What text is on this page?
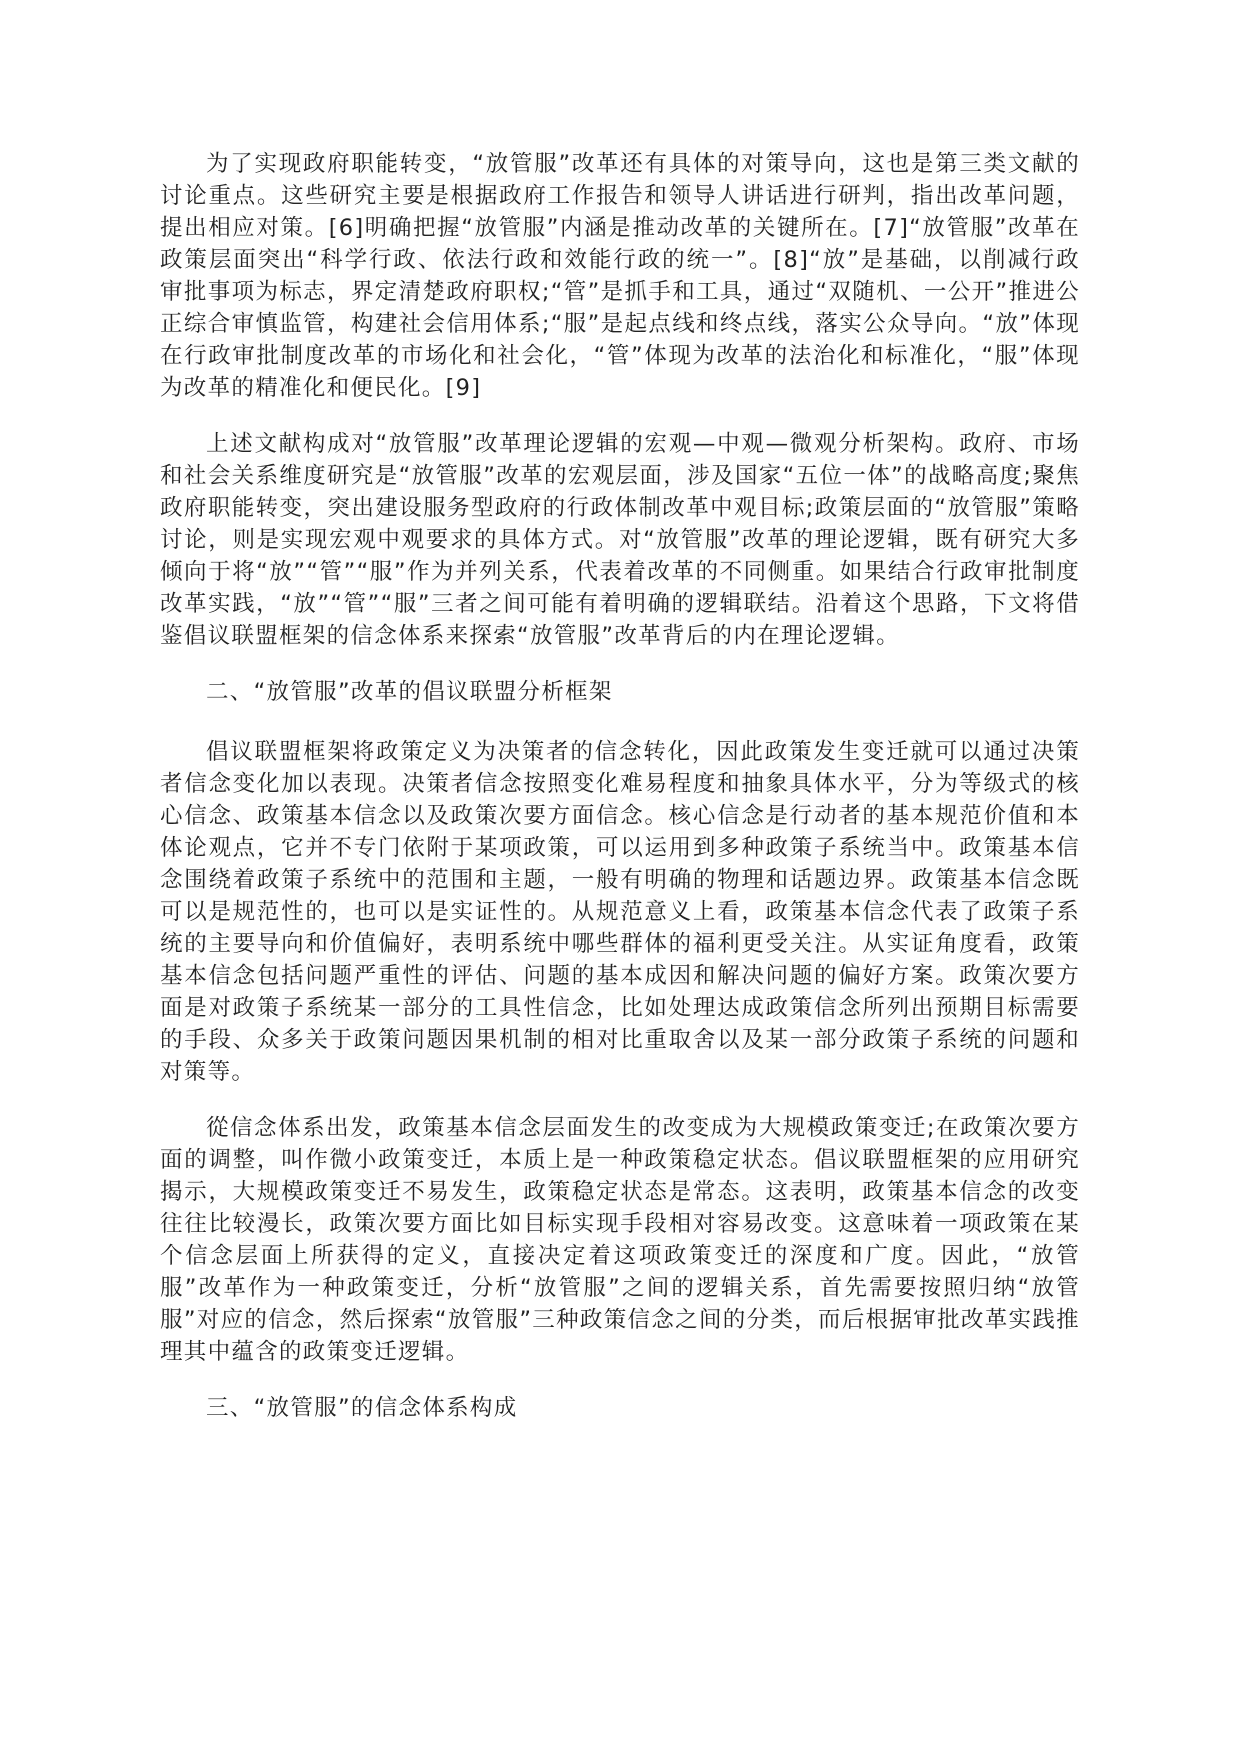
为了实现政府职能转变，“放管服”改革还有具体的对策导向，这也是第三类文献的讨论重点。这些研究主要是根据政府工作报告和领导人讲话进行研判，指出改革问题，提出相应对策。[6]明确把握“放管服”内涵是推动改革的关键所在。[7]“放管服”改革在政策层面突出“科学行政、依法行政和效能行政的统一”。[8]“放”是基础，以削减行政审批事项为标志，界定清楚政府职权;“管”是抓手和工具，通过“双随机、一公开”推进公正综合审慎监管，构建社会信用体系;“服”是起点线和终点线，落实公众导向。“放”体现在行政审批制度改革的市场化和社会化，“管”体现为改革的法治化和标准化，“服”体现为改革的精准化和便民化。[9]

上述文献构成对“放管服”改革理论逻辑的宏观—中观—微观分析架构。政府、市场和社会关系维度研究是“放管服”改革的宏观层面，涉及国家“五位一体”的战略高度;聚焦政府职能转变，突出建设服务型政府的行政体制改革中观目标;政策层面的“放管服”策略讨论，则是实现宏观中观要求的具体方式。对“放管服”改革的理论逻辑，既有研究大多倾向于将“放”“管”“服”作为并列关系，代表着改革的不同侧重。如果结合行政审批制度改革实践，“放”“管”“服”三者之间可能有着明确的逻辑联结。沿着这个思路，下文将借鉴倡议联盟框架的信念体系来探索“放管服”改革背后的内在理论逻辑。

二、“放管服”改革的倡议联盟分析框架

倡议联盟框架将政策定义为决策者的信念转化，因此政策发生变迁就可以通过决策者信念变化加以表现。决策者信念按照变化难易程度和抽象具体水平，分为等级式的核心信念、政策基本信念以及政策次要方面信念。核心信念是行动者的基本规范价值和本体论观点，它并不专门依附于某项政策，可以运用到多种政策子系统当中。政策基本信念围绕着政策子系统中的范围和主题，一般有明确的物理和话题边界。政策基本信念既可以是规范性的，也可以是实证性的。从规范意义上看，政策基本信念代表了政策子系统的主要导向和价值偏好，表明系统中哪些群体的福利更受关注。从实证角度看，政策基本信念包括问题严重性的评估、问题的基本成因和解决问题的偏好方案。政策次要方面是对政策子系统某一部分的工具性信念，比如处理达成政策信念所列出预期目标需要的手段、众多关于政策问题因果机制的相对比重取舍以及某一部分政策子系统的问题和对策等。

從信念体系出发，政策基本信念层面发生的改变成为大规模政策变迁;在政策次要方面的调整，叫作微小政策变迁，本质上是一种政策稳定状态。倡议联盟框架的应用研究揭示，大规模政策变迁不易发生，政策稳定状态是常态。这表明，政策基本信念的改变往往比较漫长，政策次要方面比如目标实现手段相对容易改变。这意味着一项政策在某个信念层面上所获得的定义，直接决定着这项政策变迁的深度和广度。因此，“放管服”改革作为一种政策变迁，分析“放管服”之间的逻辑关系，首先需要按照归纳“放管服”对应的信念，然后探索“放管服”三种政策信念之间的分类，而后根据审批改革实践推理其中蕴含的政策变迁逻辑。

三、“放管服”的信念体系构成
